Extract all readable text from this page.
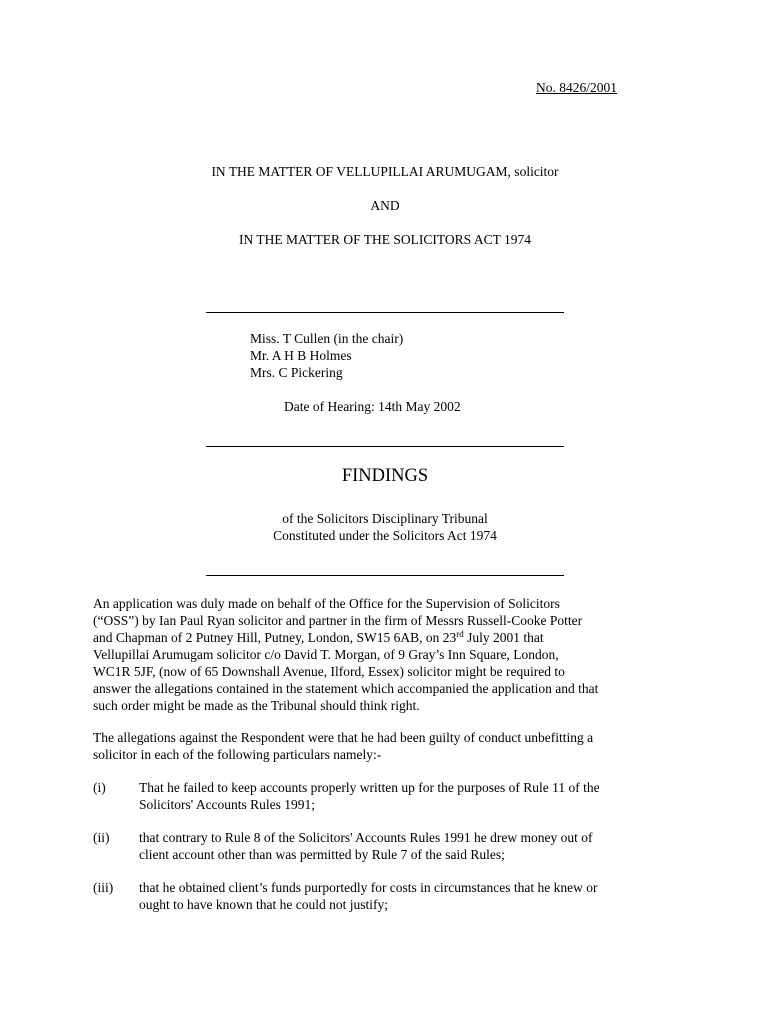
No. 8426/2001
IN THE MATTER OF VELLUPILLAI ARUMUGAM, solicitor
AND
IN THE MATTER OF THE SOLICITORS ACT 1974
Miss. T Cullen (in the chair)
Mr. A H B Holmes
Mrs. C Pickering
Date of Hearing: 14th May 2002
FINDINGS
of the Solicitors Disciplinary Tribunal
Constituted under the Solicitors Act 1974
An application was duly made on behalf of the Office for the Supervision of Solicitors
(“OSS”) by Ian Paul Ryan solicitor and partner in the firm of Messrs Russell-Cooke Potter
and Chapman of 2 Putney Hill, Putney, London, SW15 6AB, on 23rd July 2001 that
Vellupillai Arumugam solicitor c/o David T. Morgan, of 9 Gray’s Inn Square, London,
WC1R 5JF, (now of 65 Downshall Avenue, Ilford, Essex) solicitor might be required to
answer the allegations contained in the statement which accompanied the application and that
such order might be made as the Tribunal should think right.
The allegations against the Respondent were that he had been guilty of conduct unbefitting a
solicitor in each of the following particulars namely:-
(i) That he failed to keep accounts properly written up for the purposes of Rule 11 of the
Solicitors' Accounts Rules 1991;
(ii) that contrary to Rule 8 of the Solicitors' Accounts Rules 1991 he drew money out of
client account other than was permitted by Rule 7 of the said Rules;
(iii) that he obtained client’s funds purportedly for costs in circumstances that he knew or
ought to have known that he could not justify;
